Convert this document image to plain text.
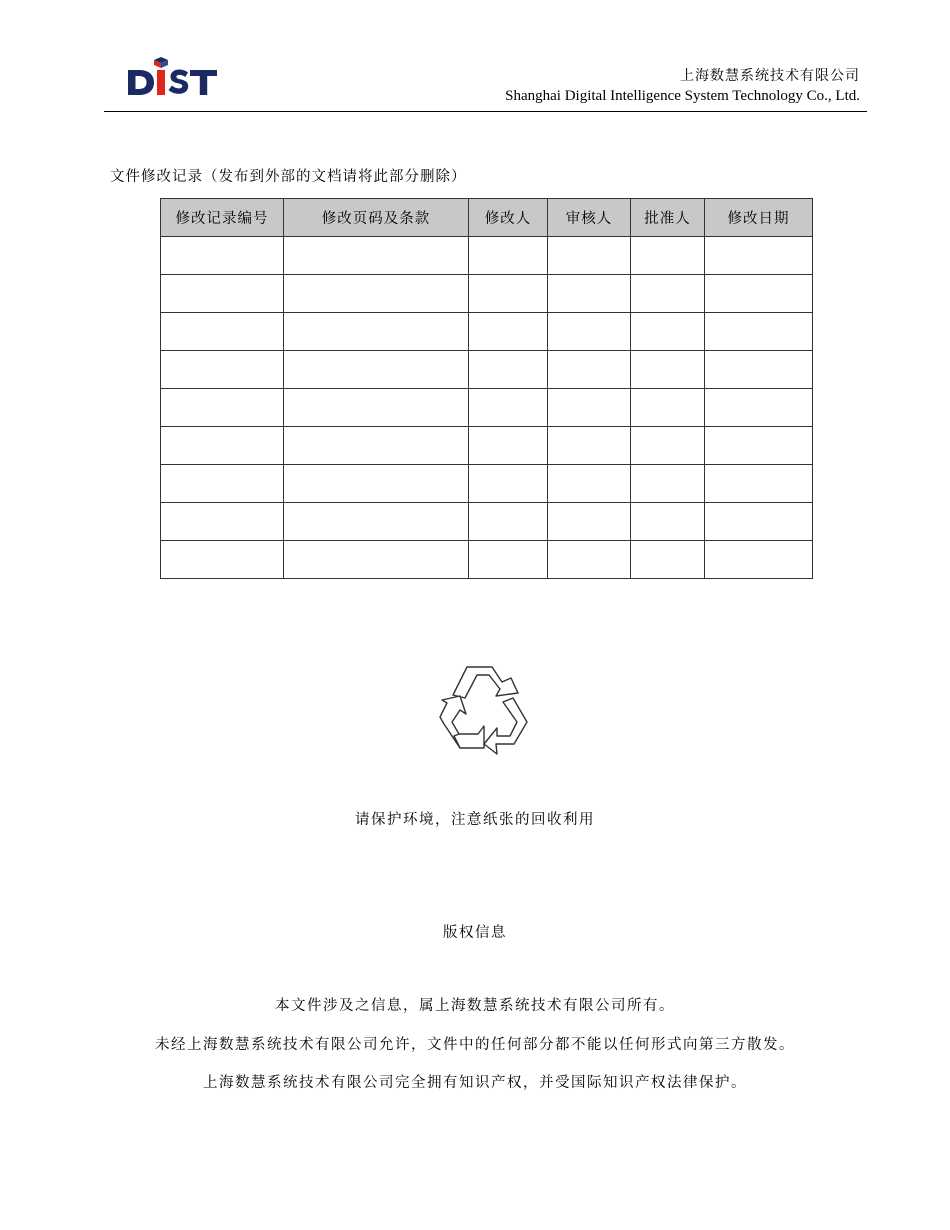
上海数慧系统技术有限公司
Shanghai Digital Intelligence System Technology Co., Ltd.
文件修改记录（发布到外部的文档请将此部分删除）
修改记录编号	修改页码及条款	修改人	审核人	批准人	修改日期

请保护环境，注意纸张的回收利用
版权信息
本文件涉及之信息，属上海数慧系统技术有限公司所有。
未经上海数慧系统技术有限公司允许，文件中的任何部分都不能以任何形式向第三方散发。
上海数慧系统技术有限公司完全拥有知识产权，并受国际知识产权法律保护。
